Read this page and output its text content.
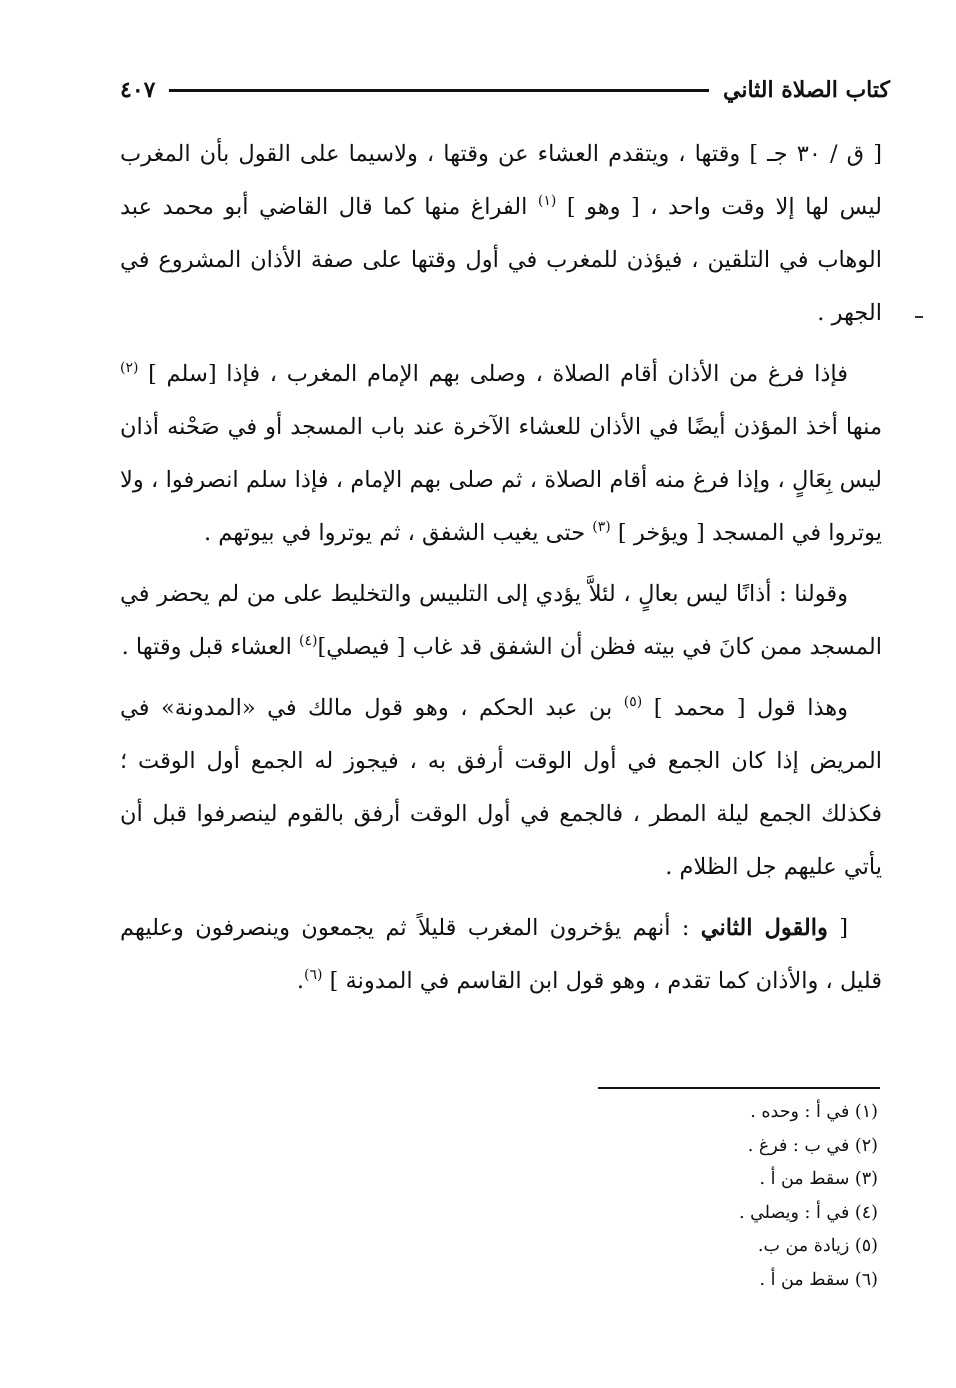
كتاب الصلاة الثاني
٤٠٧

[ ق / ٣٠ جـ ] وقتها ، ويتقدم العشاء عن وقتها ، ولاسيما على القول بأن المغرب ليس لها إلا وقت واحد ، [ وهو ] $^{(١)}$ الفراغ منها كما قال القاضي أبو محمد عبد الوهاب في التلقين ، فيؤذن للمغرب في أول وقتها على صفة الأذان المشروع في الجهر .

فإذا فرغ من الأذان أقام الصلاة ، وصلى بهم الإمام المغرب ، فإذا [سلم ] $^{(٢)}$ منها أخذ المؤذن أيضًا في الأذان للعشاء الآخرة عند باب المسجد أو في صَحْنه أذان ليس بِعَالٍ ، وإذا فرغ منه أقام الصلاة ، ثم صلى بهم الإمام ، فإذا سلم انصرفوا ، ولا يوتروا في المسجد [ ويؤخر ] $^{(٣)}$ حتى يغيب الشفق ، ثم يوتروا في بيوتهم .

وقولنا : أذانًا ليس بعالٍ ، لئلاَّ يؤدي إلى التلبيس والتخليط على من لم يحضر في المسجد ممن كانَ في بيته فظن أن الشفق قد غاب [ فيصلي]$^{(٤)}$ العشاء قبل وقتها .

وهذا قول [ محمد ] $^{(٥)}$ بن عبد الحكم ، وهو قول مالك في «المدونة» في المريض إذا كان الجمع في أول الوقت أرفق به ، فيجوز له الجمع أول الوقت ؛ فكذلك الجمع ليلة المطر ، فالجمع في أول الوقت أرفق بالقوم لينصرفوا قبل أن يأتي عليهم جل الظلام .

[ والقول الثاني : أنهم يؤخرون المغرب قليلاً ثم يجمعون وينصرفون وعليهم قليل ، والأذان كما تقدم ، وهو قول ابن القاسم في المدونة ] $^{(٦)}$.

(١) في أ : وحده .
(٢) في ب : فرغ .
(٣) سقط من أ .
(٤) في أ : ويصلي .
(٥) زيادة من ب.
(٦) سقط من أ .
